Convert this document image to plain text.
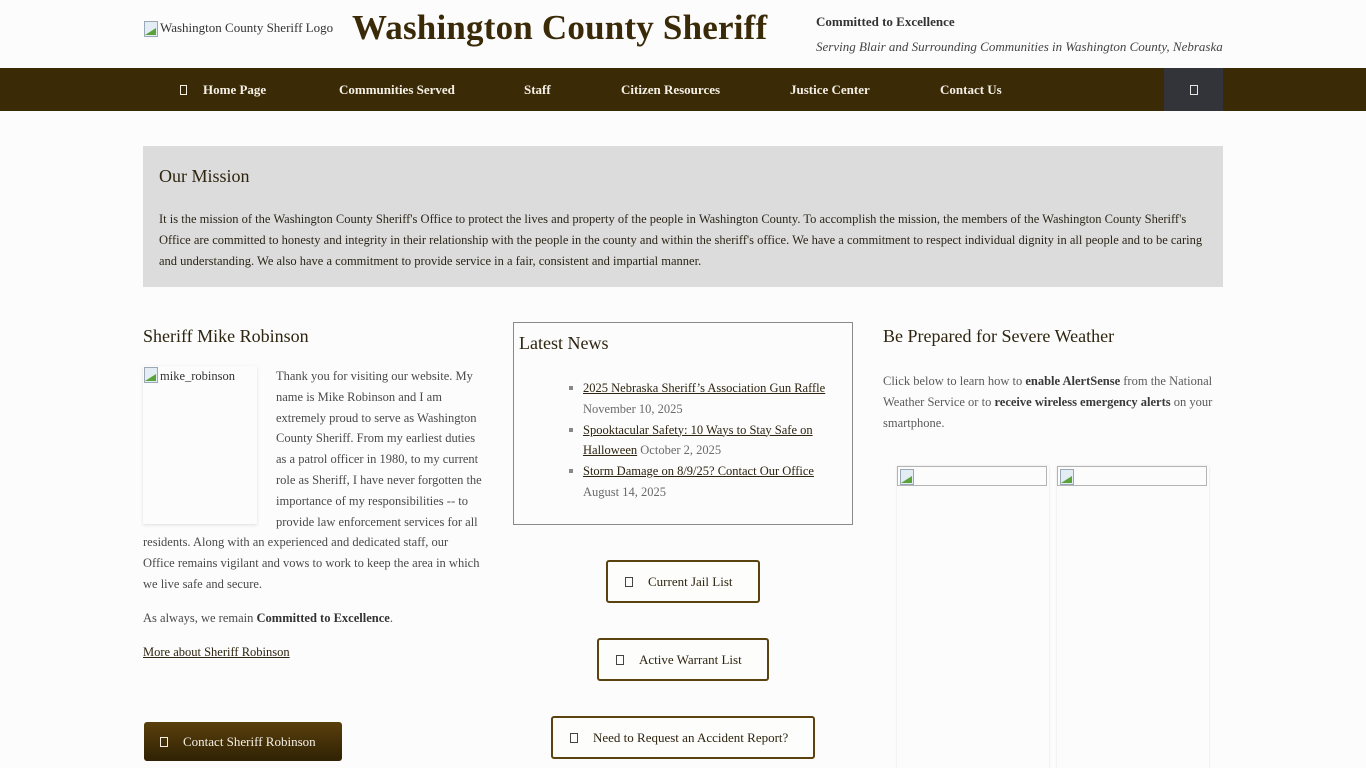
Washington County Sheriff Logo Washington County Sheriff	Committed to Excellence
Serving Blair and Surrounding Communities in Washington County, Nebraska
Home Page	Communities Served	Staff	Citizen Resources	Justice Center	Contact Us
Our Mission

It is the mission of the Washington County Sheriff's Office to protect the lives and property of the people in Washington County. To accomplish the mission, the members of the Washington County Sheriff's Office are committed to honesty and integrity in their relationship with the people in the county and within the sheriff's office. We have a commitment to respect individual dignity in all people and to be caring and understanding. We also have a commitment to provide service in a fair, consistent and impartial manner.

Sheriff Mike Robinson
mike_robinson	Thank you for visiting our website. My name is Mike Robinson and I am extremely proud to serve as Washington County Sheriff. From my earliest duties as a patrol officer in 1980, to my current role as Sheriff, I have never forgotten the importance of my responsibilities -- to provide law enforcement services for all residents. Along with an experienced and dedicated staff, our Office remains vigilant and vows to work to keep the area in which we live safe and secure.

As always, we remain Committed to Excellence.

More about Sheriff Robinson

Contact Sheriff Robinson
Latest News
2025 Nebraska Sheriff’s Association Gun Raffle
November 10, 2025
Spooktacular Safety: 10 Ways to Stay Safe on Halloween October 2, 2025
Storm Damage on 8/9/25? Contact Our Office
August 14, 2025
Current Jail List
Active Warrant List
Need to Request an Accident Report?
Be Prepared for Severe Weather

Click below to learn how to enable AlertSense from the National Weather Service or to receive wireless emergency alerts on your smartphone.
